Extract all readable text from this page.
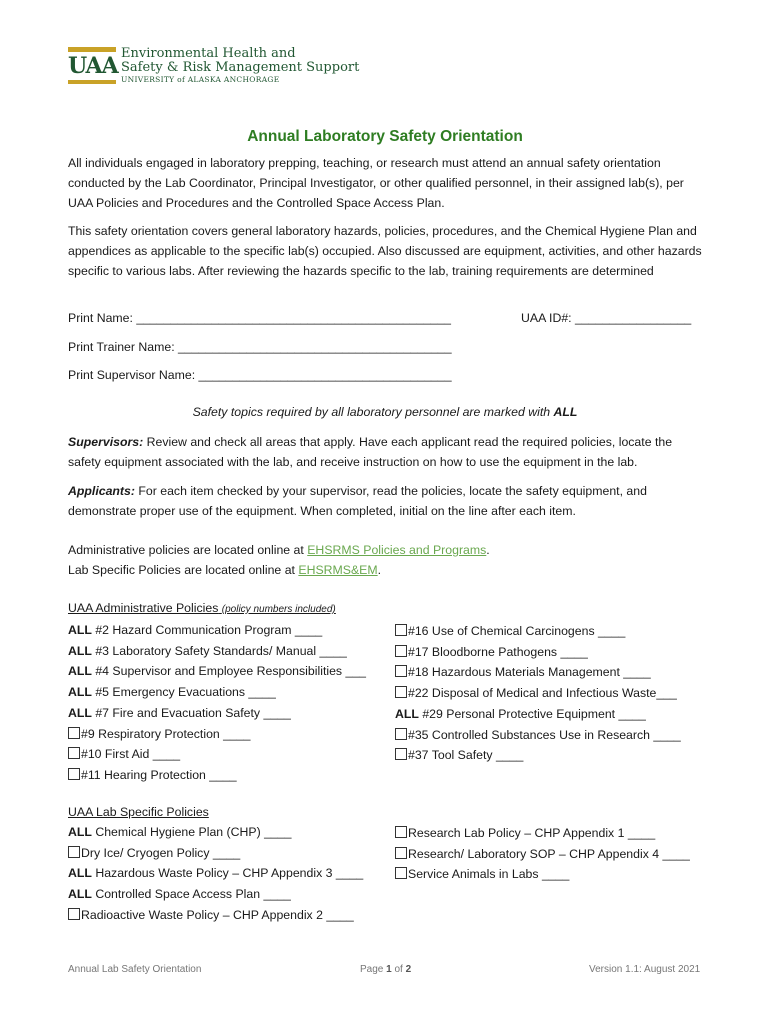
UAA Environmental Health and
Safety & Risk Management Support
UNIVERSITY of ALASKA ANCHORAGE
Annual Laboratory Safety Orientation
All individuals engaged in laboratory prepping, teaching, or research must attend an annual safety orientation conducted by the Lab Coordinator, Principal Investigator, or other qualified personnel, in their assigned lab(s), per UAA Policies and Procedures and the Controlled Space Access Plan.
This safety orientation covers general laboratory hazards, policies, procedures, and the Chemical Hygiene Plan and appendices as applicable to the specific lab(s) occupied. Also discussed are equipment, activities, and other hazards specific to various labs. After reviewing the hazards specific to the lab, training requirements are determined
Print Name: ______________________________________________	UAA ID#: _________________
Print Trainer Name: ________________________________________
Print Supervisor Name: _____________________________________
Safety topics required by all laboratory personnel are marked with ALL
Supervisors: Review and check all areas that apply. Have each applicant read the required policies, locate the safety equipment associated with the lab, and receive instruction on how to use the equipment in the lab.
Applicants: For each item checked by your supervisor, read the policies, locate the safety equipment, and demonstrate proper use of the equipment. When completed, initial on the line after each item.
Administrative policies are located online at EHSRMS Policies and Programs.
Lab Specific Policies are located online at EHSRMS&EM.
UAA Administrative Policies (policy numbers included)
ALL #2 Hazard Communication Program ____
ALL #3 Laboratory Safety Standards/ Manual ____
ALL #4 Supervisor and Employee Responsibilities ___
ALL #5 Emergency Evacuations ____
ALL #7 Fire and Evacuation Safety ____
#9 Respiratory Protection ____
#10 First Aid ____
#11 Hearing Protection ____
#16 Use of Chemical Carcinogens ____
#17 Bloodborne Pathogens ____
#18 Hazardous Materials Management ____
#22 Disposal of Medical and Infectious Waste___
ALL #29 Personal Protective Equipment ____
#35 Controlled Substances Use in Research ____
#37 Tool Safety ____
UAA Lab Specific Policies
ALL Chemical Hygiene Plan (CHP) ____
Dry Ice/ Cryogen Policy ____
ALL Hazardous Waste Policy – CHP Appendix 3 ____
ALL Controlled Space Access Plan ____
Radioactive Waste Policy – CHP Appendix 2 ____
Research Lab Policy – CHP Appendix 1 ____
Research/ Laboratory SOP – CHP Appendix 4 ____
Service Animals in Labs ____
Annual Lab Safety Orientation	Page 1 of 2	Version 1.1: August 2021
